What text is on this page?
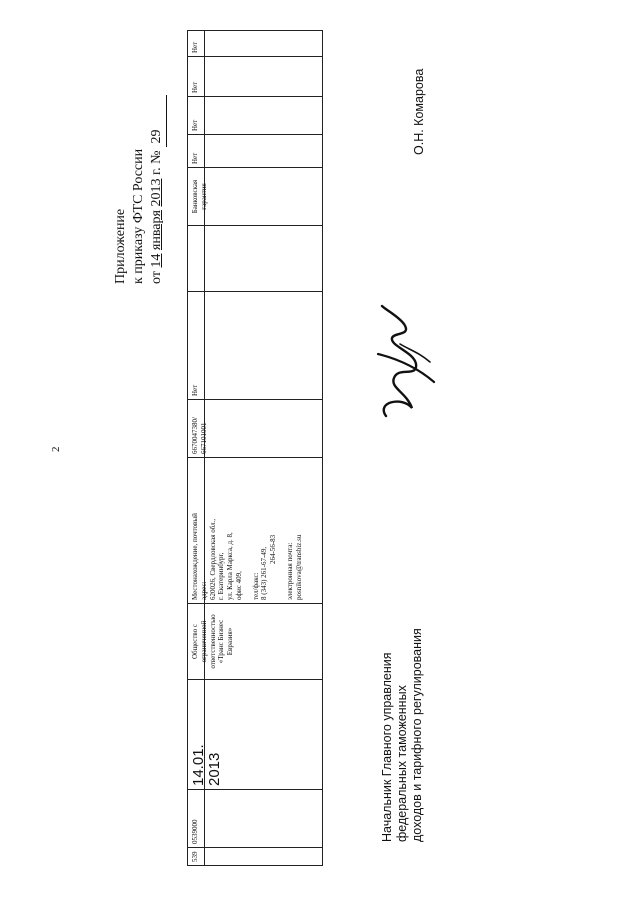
2
Приложение к приказу ФТС России от 14 января 2013 г. №  29
539
0539000
14.01.
2013
Общество с ограниченной ответственностью «Транс Бизнес Евразия»
Местонахождение, почтовый адрес: 620026, Свердловская обл., г. Екатеринбург, ул. Карла Маркса, д. 8, офис 409, тел/факс: 8 (343) 261-67-49, 264-56-83 электронная почта: posnikova@transbiz.su
6670047380/ 667101001
Нет
Банковская гарантия
Нет
Нет
Нет
Нет
Начальник Главного управления федеральных таможенных доходов и тарифного регулирования
О.Н. Комарова
